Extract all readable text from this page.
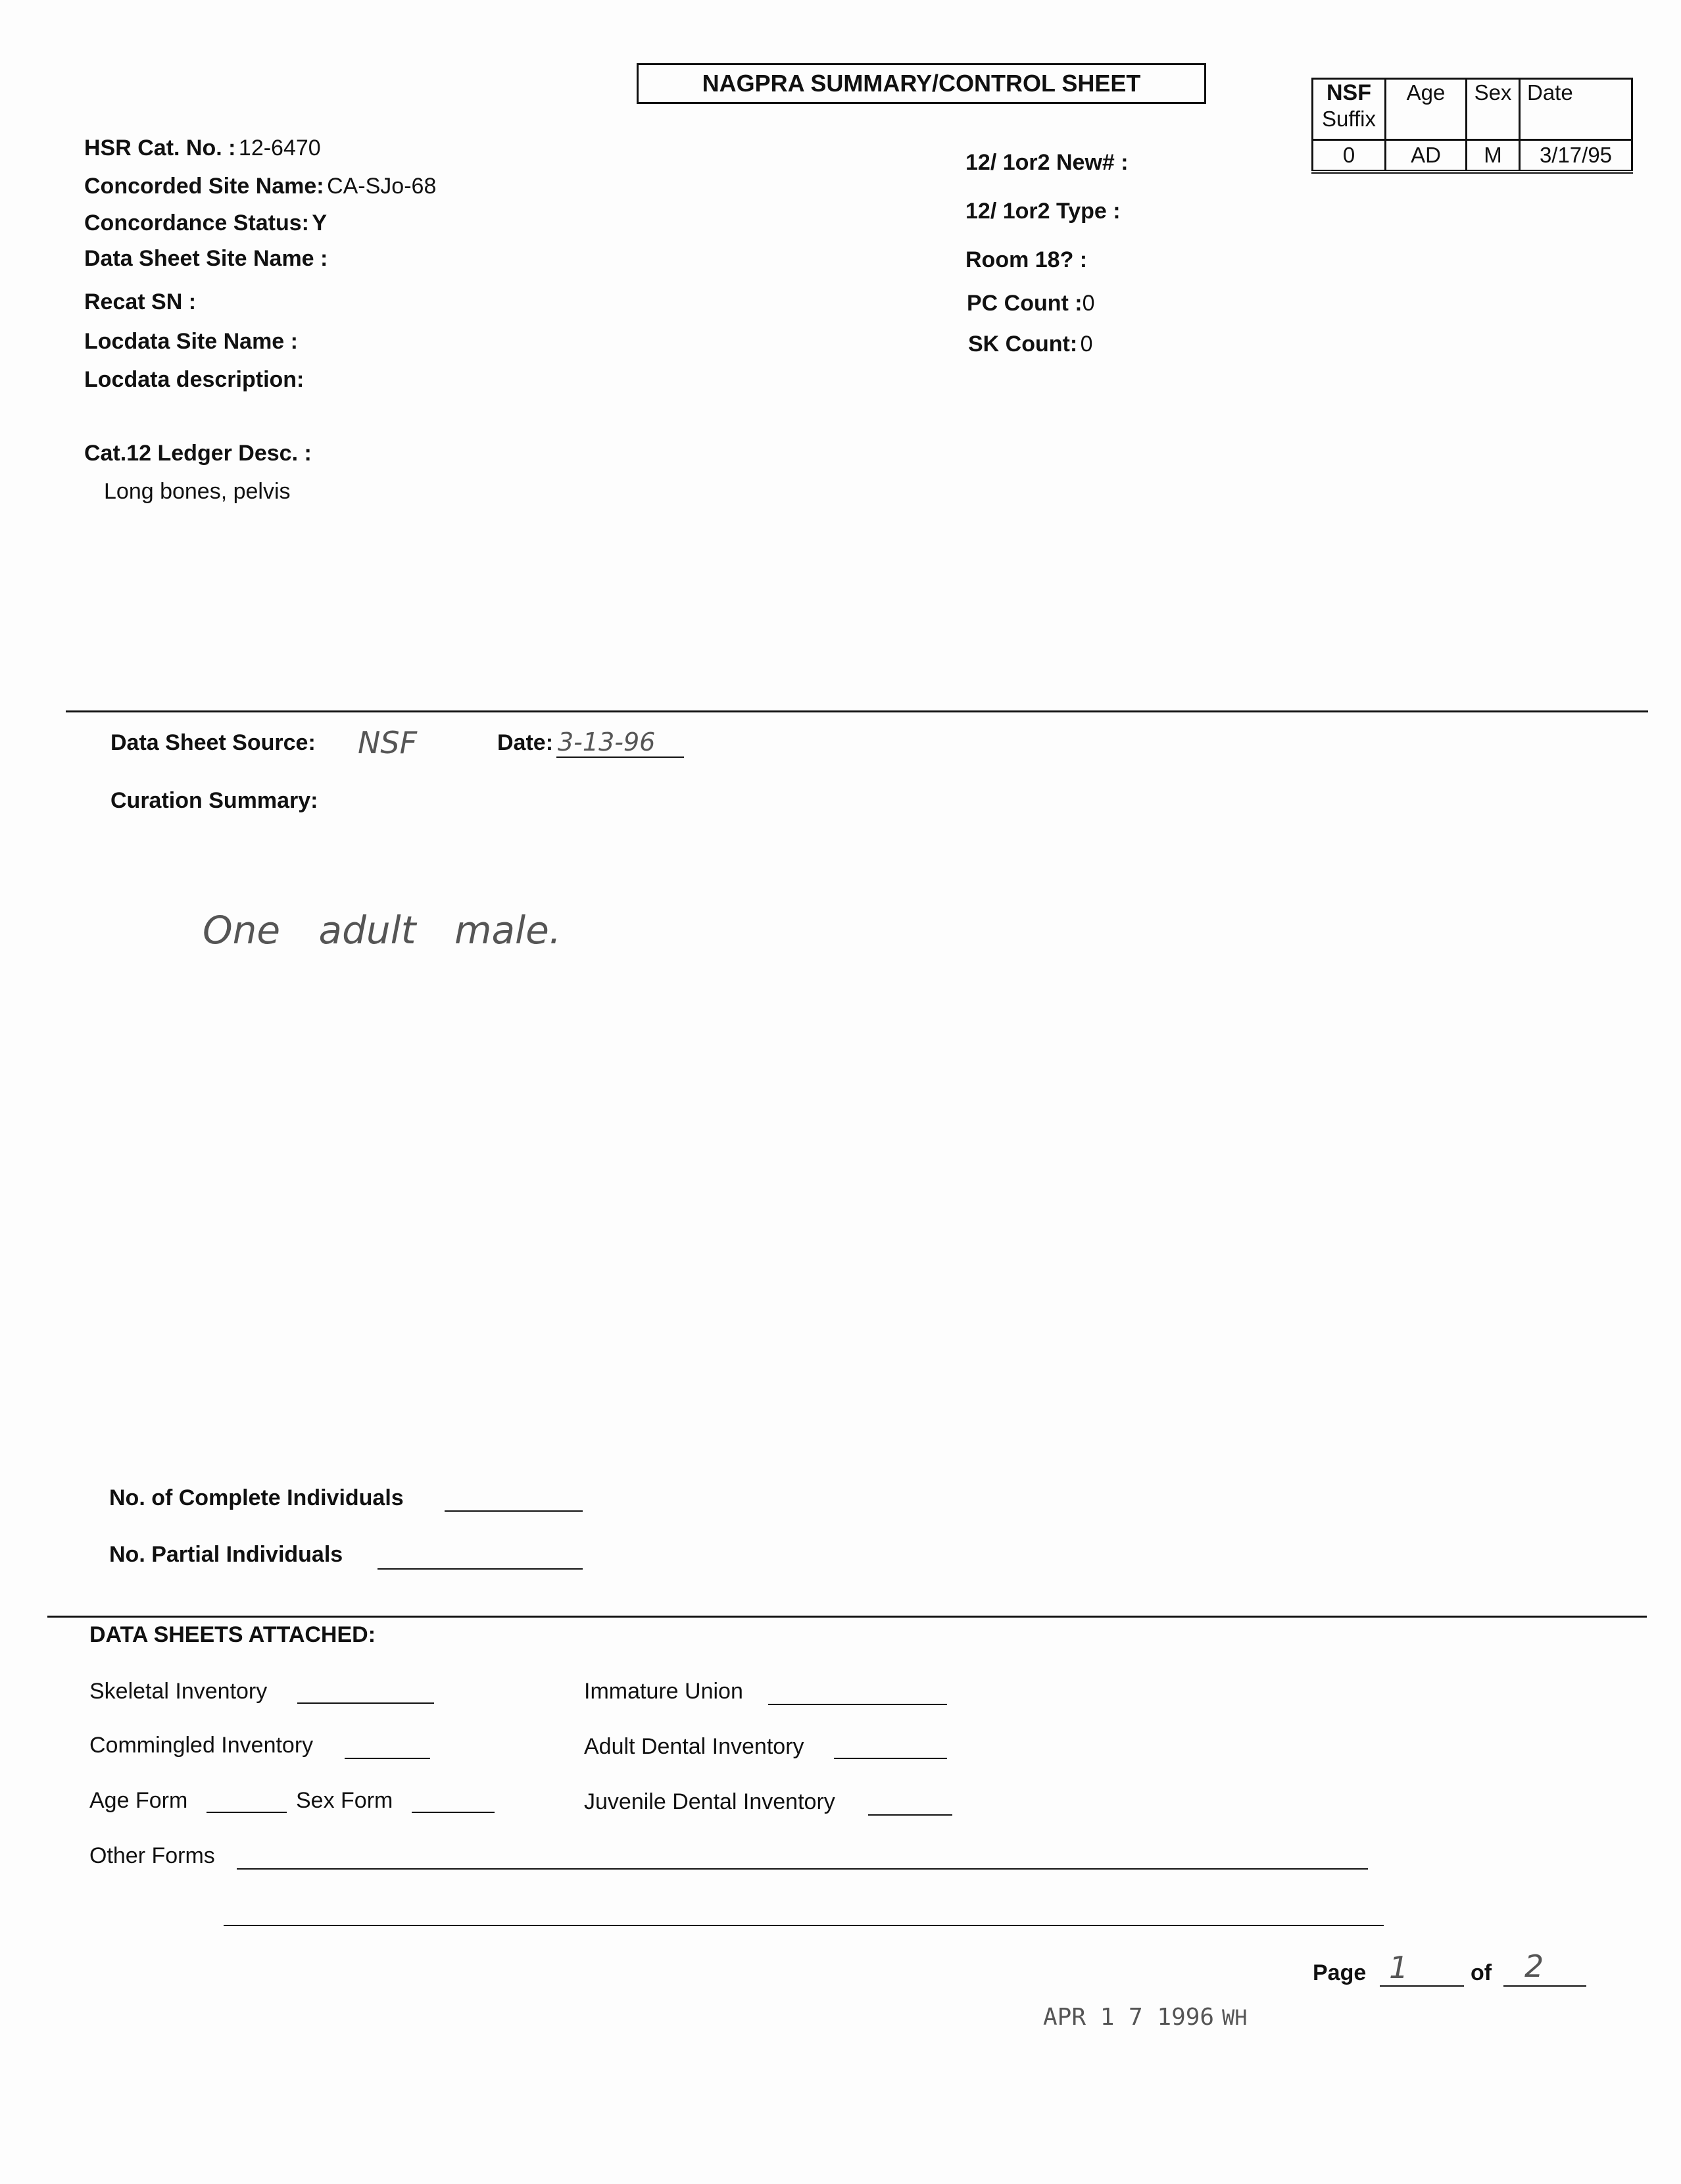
NAGPRA SUMMARY/CONTROL SHEET	NSF
Suffix	Age	Sex	Date
0	AD	M	3/17/95
HSR Cat. No. : 12-6470
Concorded Site Name: CA-SJo-68
Concordance Status: Y
Data Sheet Site Name :
Recat SN :
Locdata Site Name :
Locdata description:
Cat.12 Ledger Desc. :
Long bones, pelvis
12/ 1or2 New# :
12/ 1or2 Type :
Room 18? :
PC Count :0
SK Count: 0
Data Sheet Source: NSF	Date: 3-13-96
Curation Summary:
One adult male.
No. of Complete Individuals
No. Partial Individuals
DATA SHEETS ATTACHED:
Skeletal Inventory
Commingled Inventory
Age Form	Sex Form
Other Forms
Immature Union
Adult Dental Inventory
Juvenile Dental Inventory
Page 1	of 2
APR 1 7 1996 WH
